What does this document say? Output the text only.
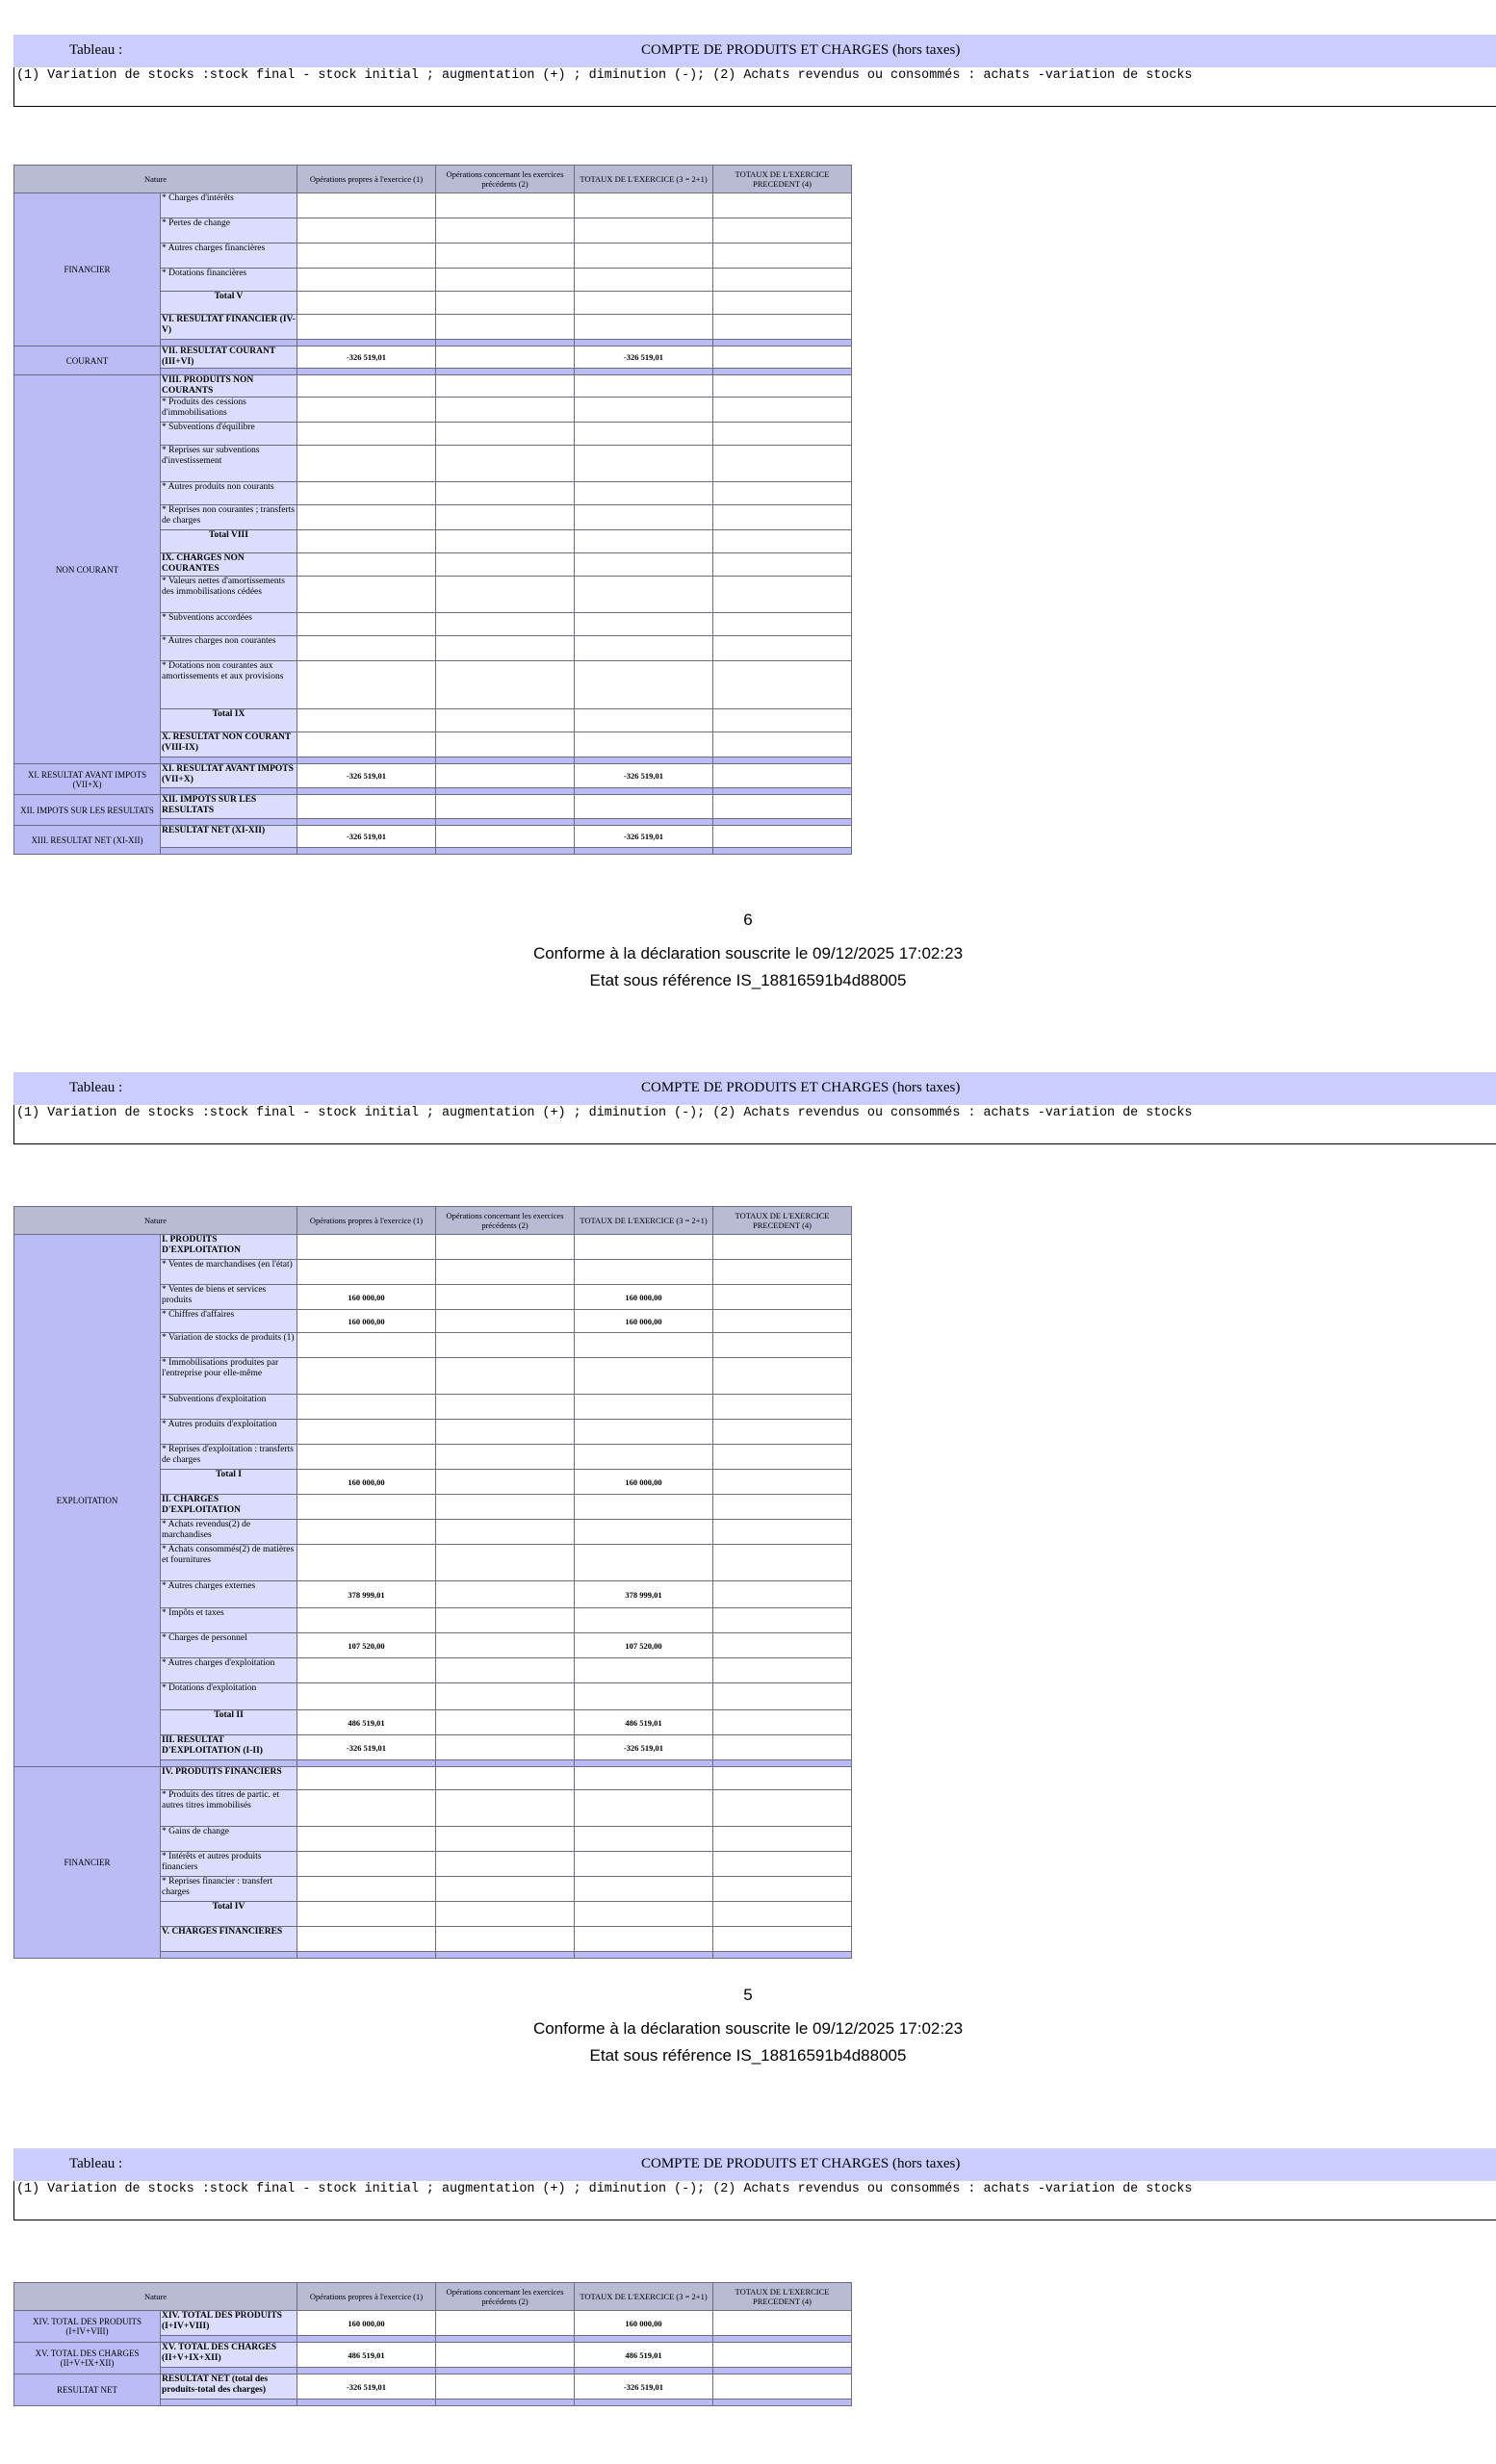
Tableau :	COMPTE DE PRODUITS ET CHARGES (hors taxes)
(1) Variation de stocks :stock final - stock initial ; augmentation (+) ; diminution (-); (2) Achats revendus ou consommés : achats -variation de stocks
Nature		Opérations propres à l'exercice (1)	Opérations concernant les exercices précédents (2)	TOTAUX DE L'EXERCICE (3 = 2+1)	TOTAUX DE L'EXERCICE PRECEDENT (4)
FINANCIER	* Charges d'intérêts				
	* Pertes de change				
	* Autres charges financières				
	* Dotations financières				
	Total V				
	VI. RESULTAT FINANCIER (IV-V)				

COURANT	VII. RESULTAT COURANT (III+VI)	-326 519,01		-326 519,01	

NON COURANT	VIII. PRODUITS NON COURANTS				
	* Produits des cessions d'immobilisations				
	* Subventions d'équilibre				
	* Reprises sur subventions d'investissement				
	* Autres produits non courants				
	* Reprises non courantes ; transferts de charges				
	Total VIII				
	IX. CHARGES NON COURANTES				
	* Valeurs nettes d'amortissements des immobilisations cédées				
	* Subventions accordées				
	* Autres charges non courantes				
	* Dotations non courantes aux amortissements et aux provisions				
	Total IX				
	X. RESULTAT NON COURANT (VIII-IX)				

XI. RESULTAT AVANT IMPOTS (VII+X)	XI. RESULTAT AVANT IMPOTS (VII+X)	-326 519,01		-326 519,01	

XII. IMPOTS SUR LES RESULTATS	XII. IMPOTS SUR LES RESULTATS				

XIII. RESULTAT NET (XI-XII)	RESULTAT NET (XI-XII)	-326 519,01		-326 519,01	

6
Conforme à la déclaration souscrite le 09/12/2025 17:02:23
Etat sous référence IS_18816591b4d88005
Tableau :	COMPTE DE PRODUITS ET CHARGES (hors taxes)
(1) Variation de stocks :stock final - stock initial ; augmentation (+) ; diminution (-); (2) Achats revendus ou consommés : achats -variation de stocks
Nature		Opérations propres à l'exercice (1)	Opérations concernant les exercices précédents (2)	TOTAUX DE L'EXERCICE (3 = 2+1)	TOTAUX DE L'EXERCICE PRECEDENT (4)
EXPLOITATION	I. PRODUITS D'EXPLOITATION				
	* Ventes de marchandises (en l'état)				
	* Ventes de biens et services produits	160 000,00		160 000,00	
	* Chiffres d'affaires	160 000,00		160 000,00	
	* Variation de stocks de produits (1)				
	* Immobilisations produites par l'entreprise pour elle-même				
	* Subventions d'exploitation				
	* Autres produits d'exploitation				
	* Reprises d'exploitation : transferts de charges				
	Total I	160 000,00		160 000,00	
	II. CHARGES D'EXPLOITATION				
	* Achats revendus(2) de marchandises				
	* Achats consommés(2) de matières et fournitures				
	* Autres charges externes	378 999,01		378 999,01	
	* Impôts et taxes				
	* Charges de personnel	107 520,00		107 520,00	
	* Autres charges d'exploitation				
	* Dotations d'exploitation				
	Total II	486 519,01		486 519,01	
	III. RESULTAT D'EXPLOITATION (I-II)	-326 519,01		-326 519,01	

FINANCIER	IV. PRODUITS FINANCIERS				
	* Produits des titres de partic. et autres titres immobilisés				
	* Gains de change				
	* Intérêts et autres produits financiers				
	* Reprises financier : transfert charges				
	Total IV				
	V. CHARGES FINANCIERES				

5
Conforme à la déclaration souscrite le 09/12/2025 17:02:23
Etat sous référence IS_18816591b4d88005
Tableau :	COMPTE DE PRODUITS ET CHARGES (hors taxes)
(1) Variation de stocks :stock final - stock initial ; augmentation (+) ; diminution (-); (2) Achats revendus ou consommés : achats -variation de stocks
Nature		Opérations propres à l'exercice (1)	Opérations concernant les exercices précédents (2)	TOTAUX DE L'EXERCICE (3 = 2+1)	TOTAUX DE L'EXERCICE PRECEDENT (4)
XIV. TOTAL DES PRODUITS (I+IV+VIII)	XIV. TOTAL DES PRODUITS (I+IV+VIII)	160 000,00		160 000,00	

XV. TOTAL DES CHARGES (II+V+IX+XII)	XV. TOTAL DES CHARGES (II+V+IX+XII)	486 519,01		486 519,01	

RESULTAT NET	RESULTAT NET (total des produits-total des charges)	-326 519,01		-326 519,01	
